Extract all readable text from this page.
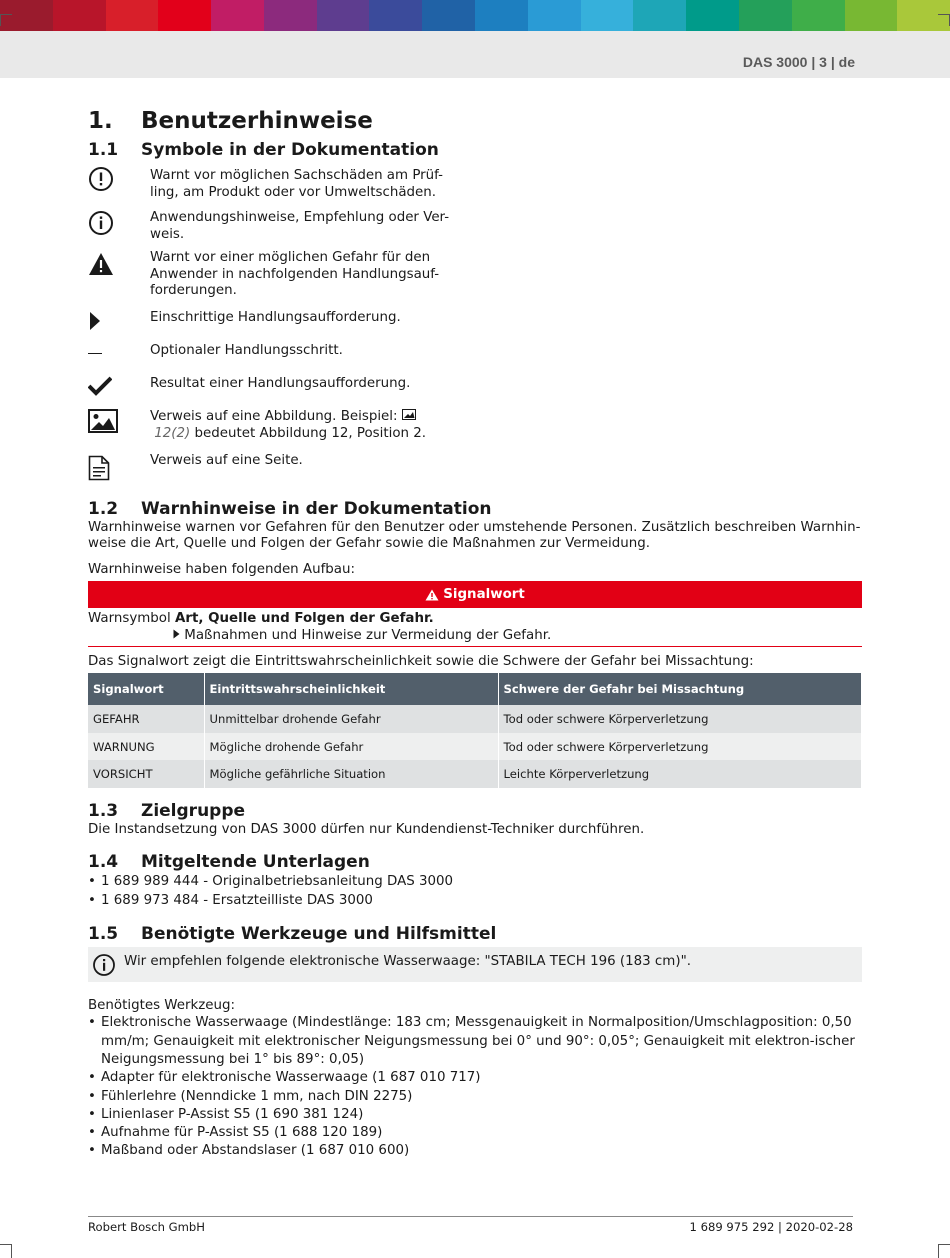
DAS 3000 | 3 | de
1.	Benutzerhinweise
1.1	Symbole in der Dokumentation
Warnt vor möglichen Sachschäden am Prüf-ling, am Produkt oder vor Umweltschäden.
Anwendungshinweise, Empfehlung oder Ver-weis.
Warnt vor einer möglichen Gefahr für den Anwender in nachfolgenden Handlungsauf-forderungen.
Einschrittige Handlungsaufforderung.
Optionaler Handlungsschritt.
Resultat einer Handlungsaufforderung.
Verweis auf eine Abbildung. Beispiel:
12(2) bedeutet Abbildung 12, Position 2.
Verweis auf eine Seite.
1.2	Warnhinweise in der Dokumentation

Warnhinweise warnen vor Gefahren für den Benutzer oder umstehende Personen. Zusätzlich beschreiben Warnhin-weise die Art, Quelle und Folgen der Gefahr sowie die Maßnahmen zur Vermeidung.

Warnhinweise haben folgenden Aufbau:

Signalwort

Warnsymbol Art, Quelle und Folgen der Gefahr.

Maßnahmen und Hinweise zur Vermeidung der Gefahr.

Das Signalwort zeigt die Eintrittswahrscheinlichkeit sowie die Schwere der Gefahr bei Missachtung:

Signalwort	Eintrittswahrscheinlichkeit	Schwere der Gefahr bei Missachtung
GEFAHR	Unmittelbar drohende Gefahr	Tod oder schwere Körperverletzung
WARNUNG	Mögliche drohende Gefahr	Tod oder schwere Körperverletzung
VORSICHT	Mögliche gefährliche Situation	Leichte Körperverletzung
1.3	Zielgruppe

Die Instandsetzung von DAS 3000 dürfen nur Kundendienst-Techniker durchführen.

1.4	Mitgeltende Unterlagen
• 1 689 989 444 - Originalbetriebsanleitung DAS 3000
• 1 689 973 484 - Ersatzteilliste DAS 3000
1.5	Benötigte Werkzeuge und Hilfsmittel
Wir empfehlen folgende elektronische Wasserwaage: "STABILA TECH 196 (183 cm)".

Benötigtes Werkzeug:

• Elektronische Wasserwaage (Mindestlänge: 183 cm; Messgenauigkeit in Normalposition/Umschlagposition: 0,50 mm/m; Genauigkeit mit elektronischer Neigungsmessung bei 0° und 90°: 0,05°; Genauigkeit mit elektron-ischer Neigungsmessung bei 1° bis 89°: 0,05)
• Adapter für elektronische Wasserwaage (1 687 010 717)
• Fühlerlehre (Nenndicke 1 mm, nach DIN 2275)
• Linienlaser P-Assist S5 (1 690 381 124)
• Aufnahme für P-Assist S5 (1 688 120 189)
• Maßband oder Abstandslaser (1 687 010 600)
Robert Bosch GmbH	1 689 975 292 | 2020-02-28
